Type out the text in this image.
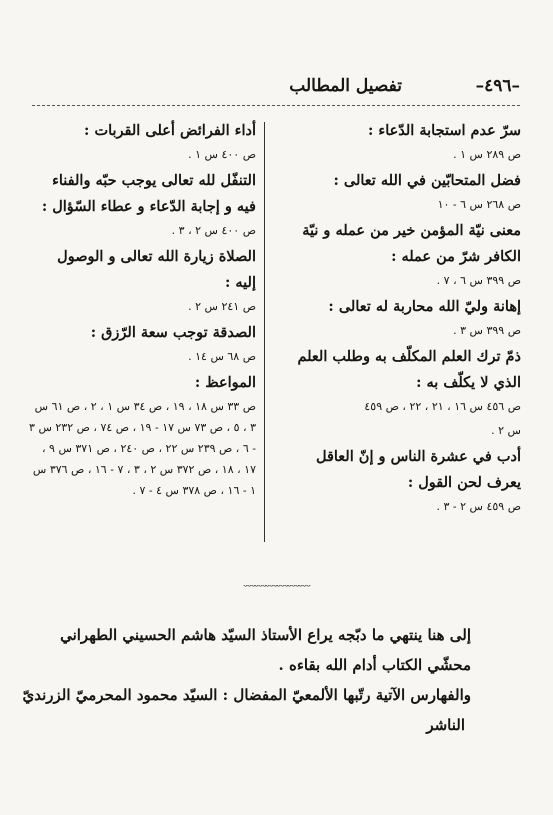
–٤٩٦–
تفصيل المطالب
سرّ عدم استجابة الدّعاء :
ص ٢٨٩ س ١ .
فضل المتحابّين في الله تعالى :
ص ٢٦٨ س ٦ - ١٠
معنى نيّة المؤمن خير من عمله و نيّة
الكافر شرّ من عمله :
ص ٣٩٩ س ٦ ، ٧ .
إهانة وليّ الله محاربة له تعالى :
ص ٣٩٩ س ٣ .
ذمّ ترك العلم المكلّف به وطلب العلم
الذي لا يكلّف به :
ص ٤٥٦ س ١٦ ، ٢١ ، ٢٢ ، ص ٤٥٩
س ٢ .
أدب في عشرة الناس و إنّ العاقل
يعرف لحن القول :
ص ٤٥٩ س ٢ - ٣ .
أداء الفرائض أعلى القربات :
ص ٤٠٠ س ١ .
التنفّل لله تعالى يوجب حبّه والفناء
فيه و إجابة الدّعاء و عطاء السّؤال :
ص ٤٠٠ س ٢ ، ٣ .
الصلاة زيارة الله تعالى و الوصول
إليه :
ص ٢٤١ س ٢ .
الصدقة توجب سعة الرّزق :
ص ٦٨ س ١٤ .
المواعظ :
ص ٣٣ س ١٨ ، ١٩ ، ص ٣٤ س ١ ، ٢ ، ص ٦١ س ٣ ، ٥ ، ص ٧٣ س ١٧ - ١٩ ، ص ٧٤ ، ص ٢٣٢ س ٣ - ٦ ، ص ٢٣٩ س ٢٢ ، ص ٢٤٠ ، ص ٣٧١ س ٩ ، ١٧ ، ١٨ ، ص ٣٧٢ س ٢ ، ٣ ، ٧ - ١٦ ، ص ٣٧٦ س ١ - ١٦ ، ص ٣٧٨ س ٤ - ٧ .
﹏﹏﹏﹏﹏﹏
إلى هنا ينتهي ما دبّجه يراع الأستاذ السيّد هاشم الحسيني الطهراني
محشّي الكتاب أدام الله بقاءه .
والفهارس الآتية رتّبها الألمعيّ المفضال : السيّد محمود المحرميّ الزرنديّ
الناشر
